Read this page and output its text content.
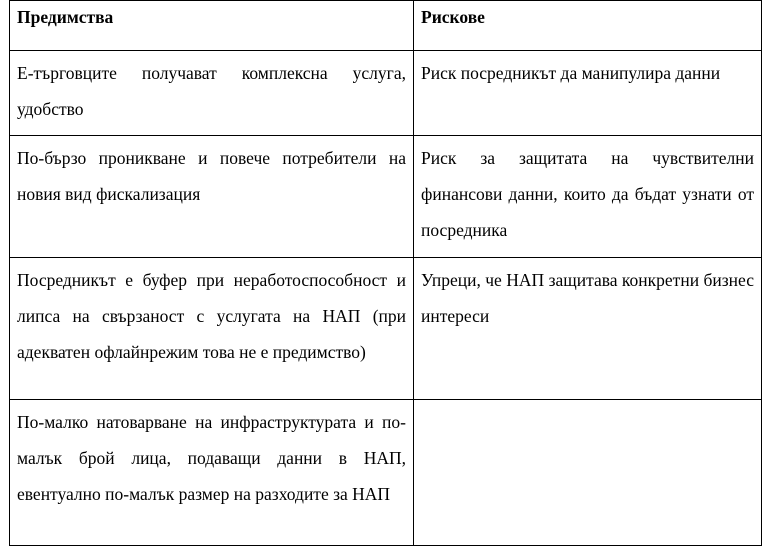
Предимства	Рискове
Е-търговците получават комплексна услуга, удобство	Риск посредникът да манипулира данни
По-бързо проникване и повече потребители на новия вид фискализация	Риск за защитата на чувствителни финансови данни, които да бъдат узнати от посредника
Посредникът е буфер при неработоспособност и липса на свързаност с услугата на НАП (при адекватен офлайнрежим това не е предимство)	Упреци, че НАП защитава конкретни бизнес интереси
По-малко натоварване на инфраструктурата и по-малък брой лица, подаващи данни в НАП, евентуално по-малък размер на разходите за НАП	
